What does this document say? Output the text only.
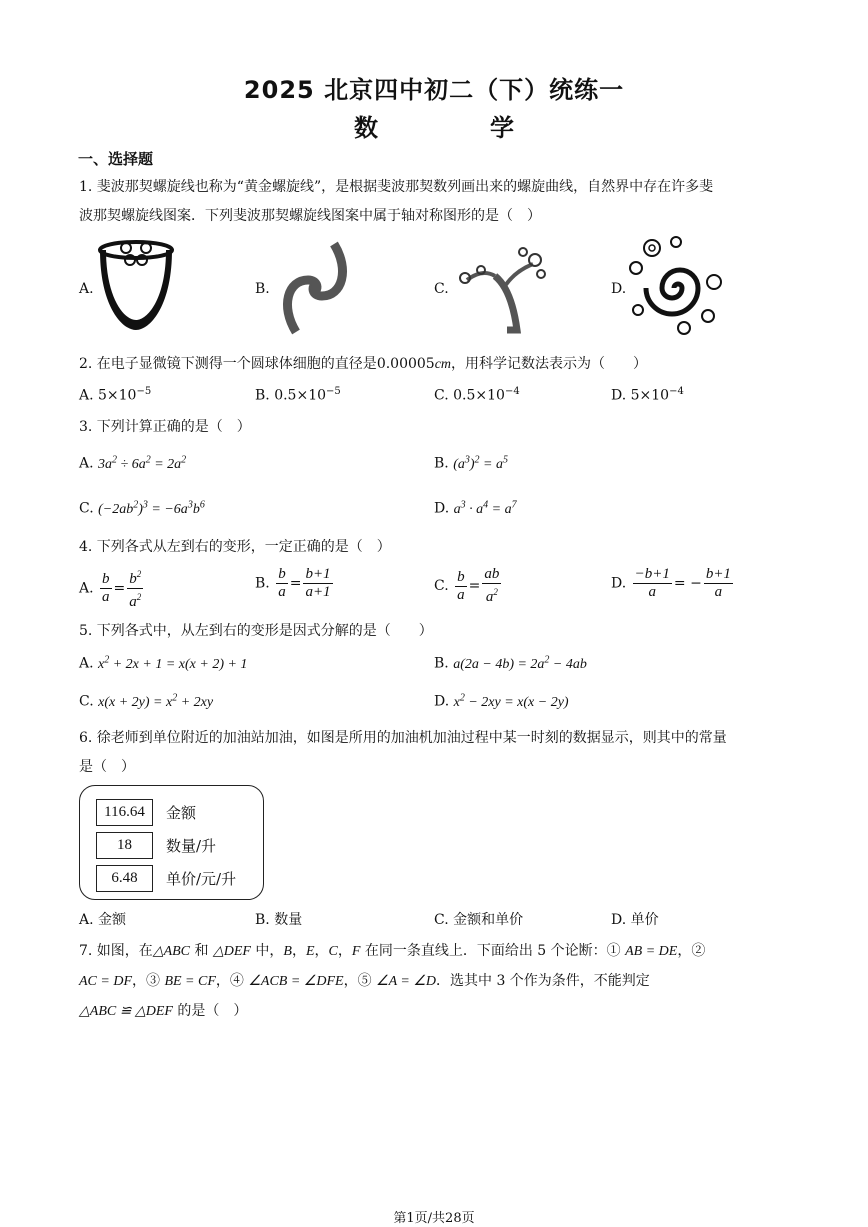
2025 北京四中初二（下）统练一
数　学
一、选择题
1. 斐波那契螺旋线也称为“黄金螺旋线”，是根据斐波那契数列画出来的螺旋曲线，自然界中存在许多斐
波那契螺旋线图案．下列斐波那契螺旋线图案中属于轴对称图形的是（　）
A.	B.	C.	D.
2. 在电子显微镜下测得一个圆球体细胞的直径是0.00005cm，用科学记数法表示为（　　）
A. $5\times 10^{-5}$	B. $0.5\times 10^{-5}$	C. $0.5\times 10^{-4}$	D. $5\times 10^{-4}$
3. 下列计算正确的是（　）
A. $3a^2 \div 6a^2 = 2a^2$	B. $(a^3)^2 = a^5$
C. $(-2ab^2)^3 = -6a^3b^6$	D. $a^3 \cdot a^4 = a^7$
4. 下列各式从左到右的变形，一定正确的是（　）
A. $\frac{b}{a} = \frac{b^2}{a^2}$	B. $\frac{b}{a} = \frac{b+1}{a+1}$	C. $\frac{b}{a} = \frac{ab}{a^2}$	D. $\frac{-b+1}{a}$ = − $\frac{b+1}{a}$
5. 下列各式中，从左到右的变形是因式分解的是（　　）
A. $x^2 + 2x + 1 = x(x + 2) + 1$	B. $a(2a - 4b) = 2a^2 - 4ab$
C. $x(x + 2y) = x^2 + 2xy$	D. $x^2 - 2xy = x(x - 2y)$
6. 徐老师到单位附近的加油站加油，如图是所用的加油机加油过程中某一时刻的数据显示，则其中的常量
是（　）
116.64	金额
18	数量/升
6.48	单价/元/升
A. 金额	B. 数量	C. 金额和单价	D. 单价
7. 如图，在△ABC 和 △DEF 中，B，E，C，F 在同一条直线上．下面给出 5 个论断：① AB = DE，②
AC = DF，③ BE = CF，④ ∠ACB = ∠DFE，⑤ ∠A = ∠D．选其中 3 个作为条件，不能判定
△ABC ≌ △DEF 的是（　）
第1页/共28页
